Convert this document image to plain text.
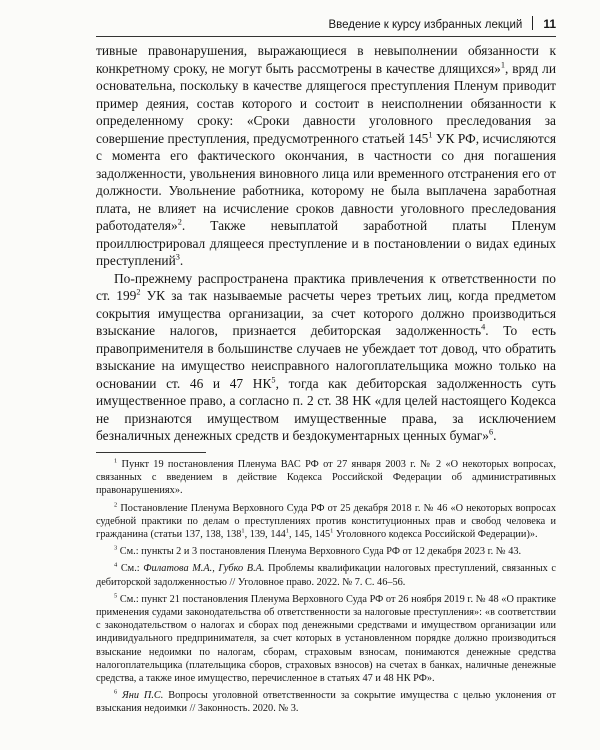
Введение к курсу избранных лекций 11

тивные правонарушения, выражающиеся в невыполнении обязанности к конкретному сроку, не могут быть рассмотрены в качестве длящихся»$^1$, вряд ли основательна, поскольку в качестве длящегося преступления Пленум приводит пример деяния, состав которого и состоит в неисполнении обязанности к определенному сроку: «Сроки давности уголовного преследования за совершение преступления, предусмотренного статьей $145^1$ УК РФ, исчисляются с момента его фактического окончания, в частности со дня погашения задолженности, увольнения виновного лица или временного отстранения его от должности. Увольнение работника, которому не была выплачена заработная плата, не влияет на исчисление сроков давности уголовного преследования работодателя»$^2$. Также невыплатой заработной платы Пленум проиллюстрировал длящееся преступление и в постановлении о видах единых преступлений$^3$.

По-прежнему распространена практика привлечения к ответственности по ст. $199^2$ УК за так называемые расчеты через третьих лиц, когда предметом сокрытия имущества организации, за счет которого должно производиться взыскание налогов, признается дебиторская задолженность$^4$. То есть правоприменителя в большинстве случаев не убеждает тот довод, что обратить взыскание на имущество неисправного налогоплательщика можно только на основании ст. 46 и 47 $НК^5$, тогда как дебиторская задолженность суть имущественное право, а согласно п. 2 ст. 38 НК «для целей настоящего Кодекса не признаются имуществом имущественные права, за исключением безналичных денежных средств и бездокументарных ценных бумаг»$^6$.

$^1$ Пункт 19 постановления Пленума ВАС РФ от 27 января 2003 г. № 2 «О некоторых вопросах, связанных с введением в действие Кодекса Российской Федерации об административных правонарушениях».

$^2$ Постановление Пленума Верховного Суда РФ от 25 декабря 2018 г. № 46 «О некоторых вопросах судебной практики по делам о преступлениях против конституционных прав и свобод человека и гражданина (статьи 137, 138, $138^1$, 139, $144^1$, 145, $145^1$ Уголовного кодекса Российской Федерации)».

$^3$ См.: пункты 2 и 3 постановления Пленума Верховного Суда РФ от 12 декабря 2023 г. № 43.

$^4$ См.: Филатова М.А., Губко В.А. Проблемы квалификации налоговых преступлений, связанных с дебиторской задолженностью // Уголовное право. 2022. № 7. С. 46–56.

$^5$ См.: пункт 21 постановления Пленума Верховного Суда РФ от 26 ноября 2019 г. № 48 «О практике применения судами законодательства об ответственности за налоговые преступления»: «в соответствии с законодательством о налогах и сборах под денежными средствами и имуществом организации или индивидуального предпринимателя, за счет которых в установленном порядке должно производиться взыскание недоимки по налогам, сборам, страховым взносам, понимаются денежные средства налогоплательщика (плательщика сборов, страховых взносов) на счетах в банках, наличные денежные средства, а также иное имущество, перечисленное в статьях 47 и 48 НК РФ».

$^6$ Яни П.С. Вопросы уголовной ответственности за сокрытие имущества с целью уклонения от взыскания недоимки // Законность. 2020. № 3.
